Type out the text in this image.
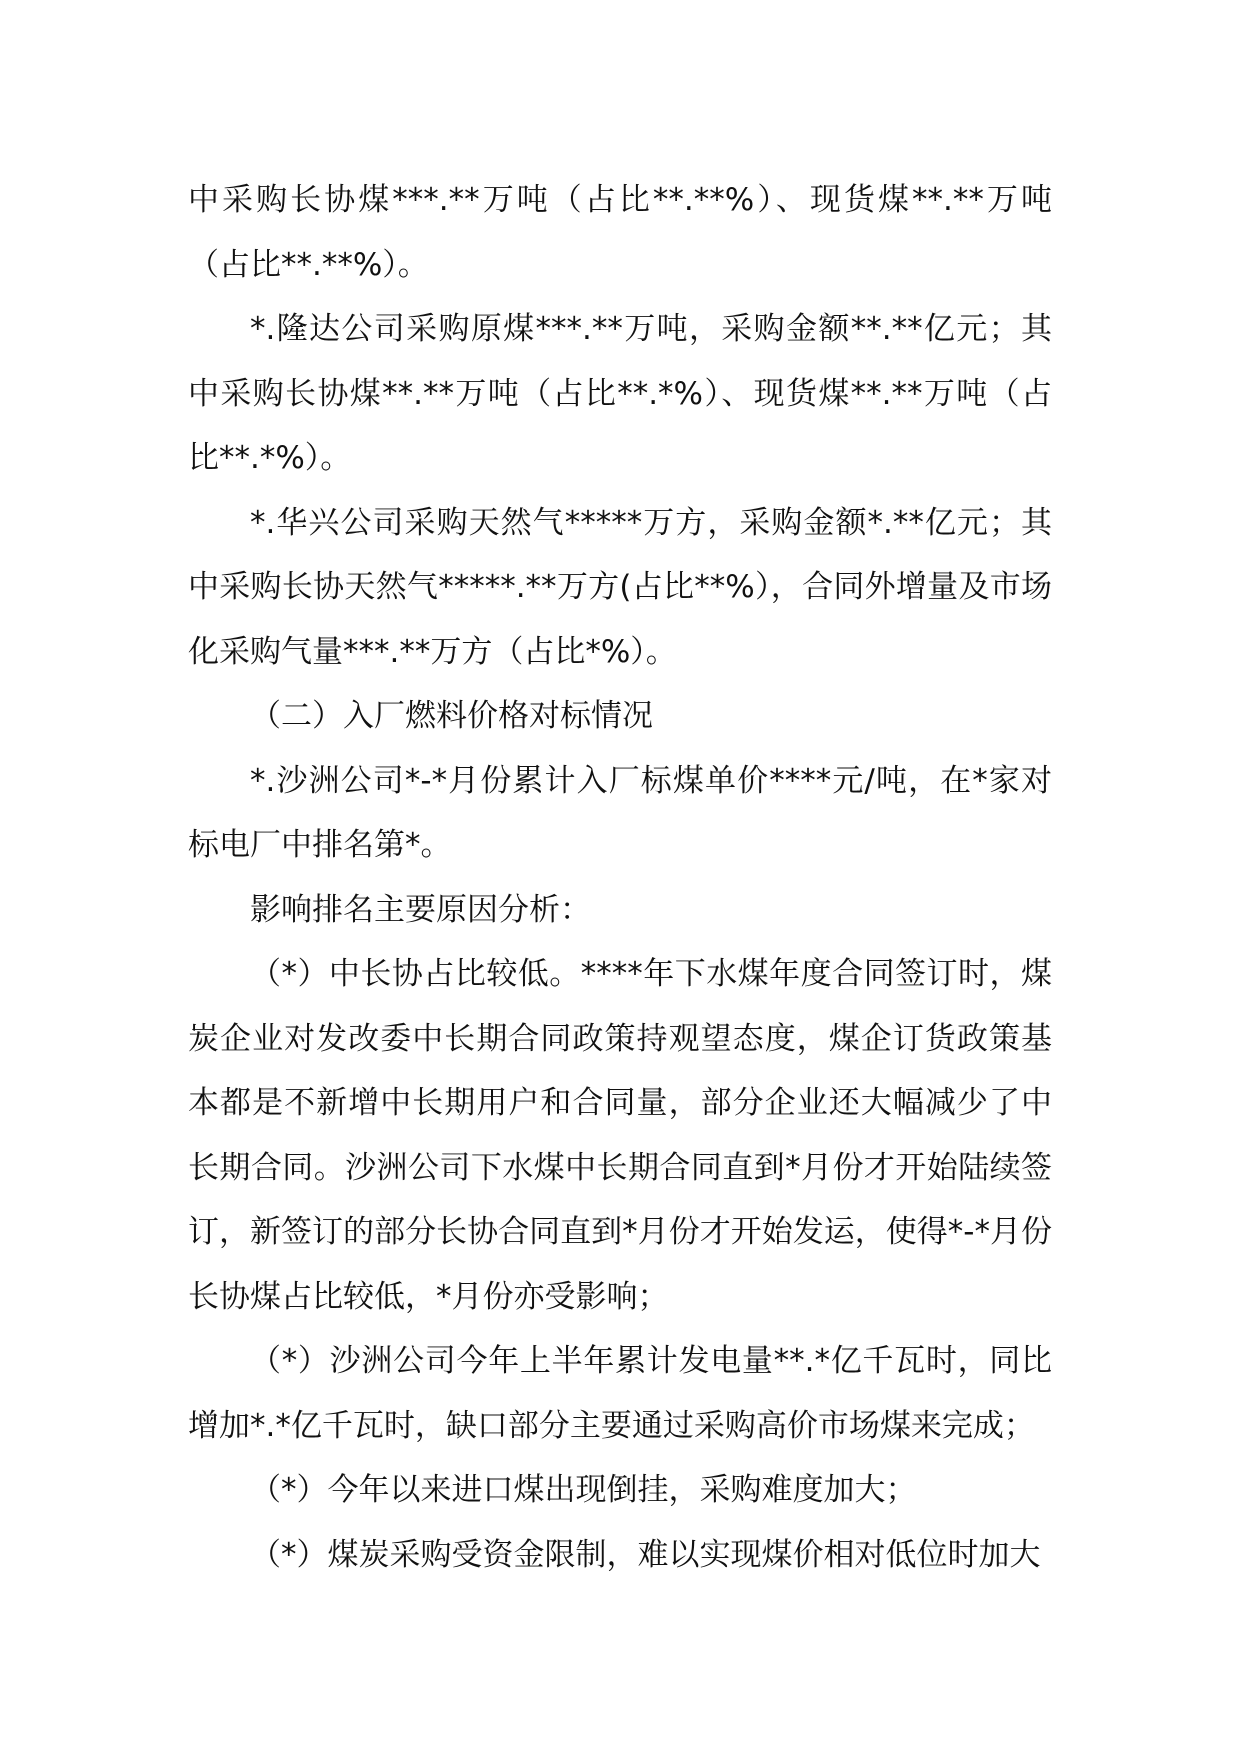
中采购长协煤***.**万吨（占比**.**%）、现货煤**.**万吨（占比**.**%）。

*.隆达公司采购原煤***.**万吨，采购金额**.**亿元；其中采购长协煤**.**万吨（占比**.*%）、现货煤**.**万吨（占比**.*%）。

*.华兴公司采购天然气*****万方，采购金额*.**亿元；其中采购长协天然气*****.**万方(占比**%），合同外增量及市场化采购气量***.**万方（占比*%）。

（二）入厂燃料价格对标情况

*.沙洲公司*-*月份累计入厂标煤单价****元/吨，在*家对标电厂中排名第*。

影响排名主要原因分析：

（*）中长协占比较低。****年下水煤年度合同签订时，煤炭企业对发改委中长期合同政策持观望态度，煤企订货政策基本都是不新增中长期用户和合同量，部分企业还大幅减少了中长期合同。沙洲公司下水煤中长期合同直到*月份才开始陆续签订，新签订的部分长协合同直到*月份才开始发运，使得*-*月份长协煤占比较低，*月份亦受影响；

（*）沙洲公司今年上半年累计发电量**.*亿千瓦时，同比增加*.*亿千瓦时，缺口部分主要通过采购高价市场煤来完成；

（*）今年以来进口煤出现倒挂，采购难度加大；

（*）煤炭采购受资金限制，难以实现煤价相对低位时加大
